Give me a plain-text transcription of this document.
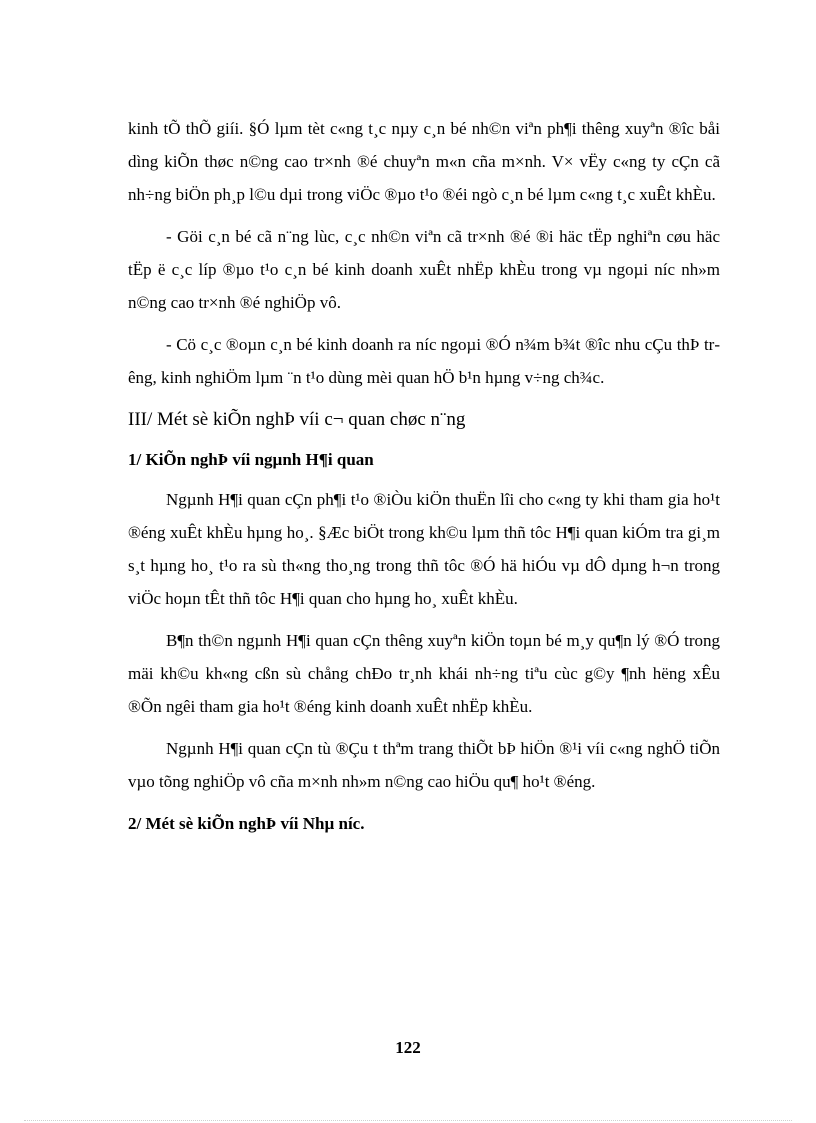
kinh tÕ thÕ giíi. §Ó lµm tèt c«ng t¸c nµy c¸n bé nh©n viªn ph¶i thêng xuyªn ®îc båi dìng kiÕn thøc n©ng cao tr×nh ®é chuyªn m«n cña m×nh. V× vËy c«ng ty cÇn cã nh÷ng biÖn ph¸p l©u dµi trong viÖc ®µo t¹o ®éi ngò c¸n bé lµm c«ng t¸c xuÊt khÈu.

- Göi c¸n bé cã n¨ng lùc, c¸c nh©n viªn cã tr×nh ®é ®i häc tËp nghiªn cøu häc tËp ë c¸c líp ®µo t¹o c¸n bé kinh doanh xuÊt nhËp khÈu trong vµ ngoµi níc nh»m n©ng cao tr×nh ®é nghiÖp vô.

- Cö c¸c ®oµn c¸n bé kinh doanh ra níc ngoµi ®Ó n¾m b¾t ®îc nhu cÇu thÞ trêng, kinh nghiÖm lµm ¨n t¹o dùng mèi quan hÖ b¹n hµng v÷ng ch¾c.

III/ Mét sè kiÕn nghÞ víi c¬ quan chøc n¨ng
1/ KiÕn nghÞ víi ngµnh H¶i quan

Ngµnh H¶i quan cÇn ph¶i t¹o ®iÒu kiÖn thuËn lîi cho c«ng ty khi tham gia ho¹t ®éng xuÊt khÈu hµng ho¸. §Æc biÖt trong kh©u lµm thñ tôc H¶i quan kiÓm tra gi¸m s¸t hµng ho¸ t¹o ra sù th«ng tho¸ng trong thñ tôc ®Ó hä hiÓu vµ dÔ dµng h¬n trong viÖc hoµn tÊt thñ tôc H¶i quan cho hµng ho¸ xuÊt khÈu.

B¶n th©n ngµnh H¶i quan cÇn thêng xuyªn kiÖn toµn bé m¸y qu¶n lý ®Ó trong mäi kh©u kh«ng cßn sù chång chÐo tr¸nh khái nh÷ng tiªu cùc g©y ¶nh hëng xÊu ®Õn ngêi tham gia ho¹t ®éng kinh doanh xuÊt nhËp khÈu.

Ngµnh H¶i quan cÇn tù ®Çu t thªm trang thiÕt bÞ hiÖn ®¹i víi c«ng nghÖ tiÕn vµo tõng nghiÖp vô cña m×nh nh»m n©ng cao hiÖu qu¶ ho¹t ®éng.

2/ Mét sè kiÕn nghÞ víi Nhµ níc.
122
